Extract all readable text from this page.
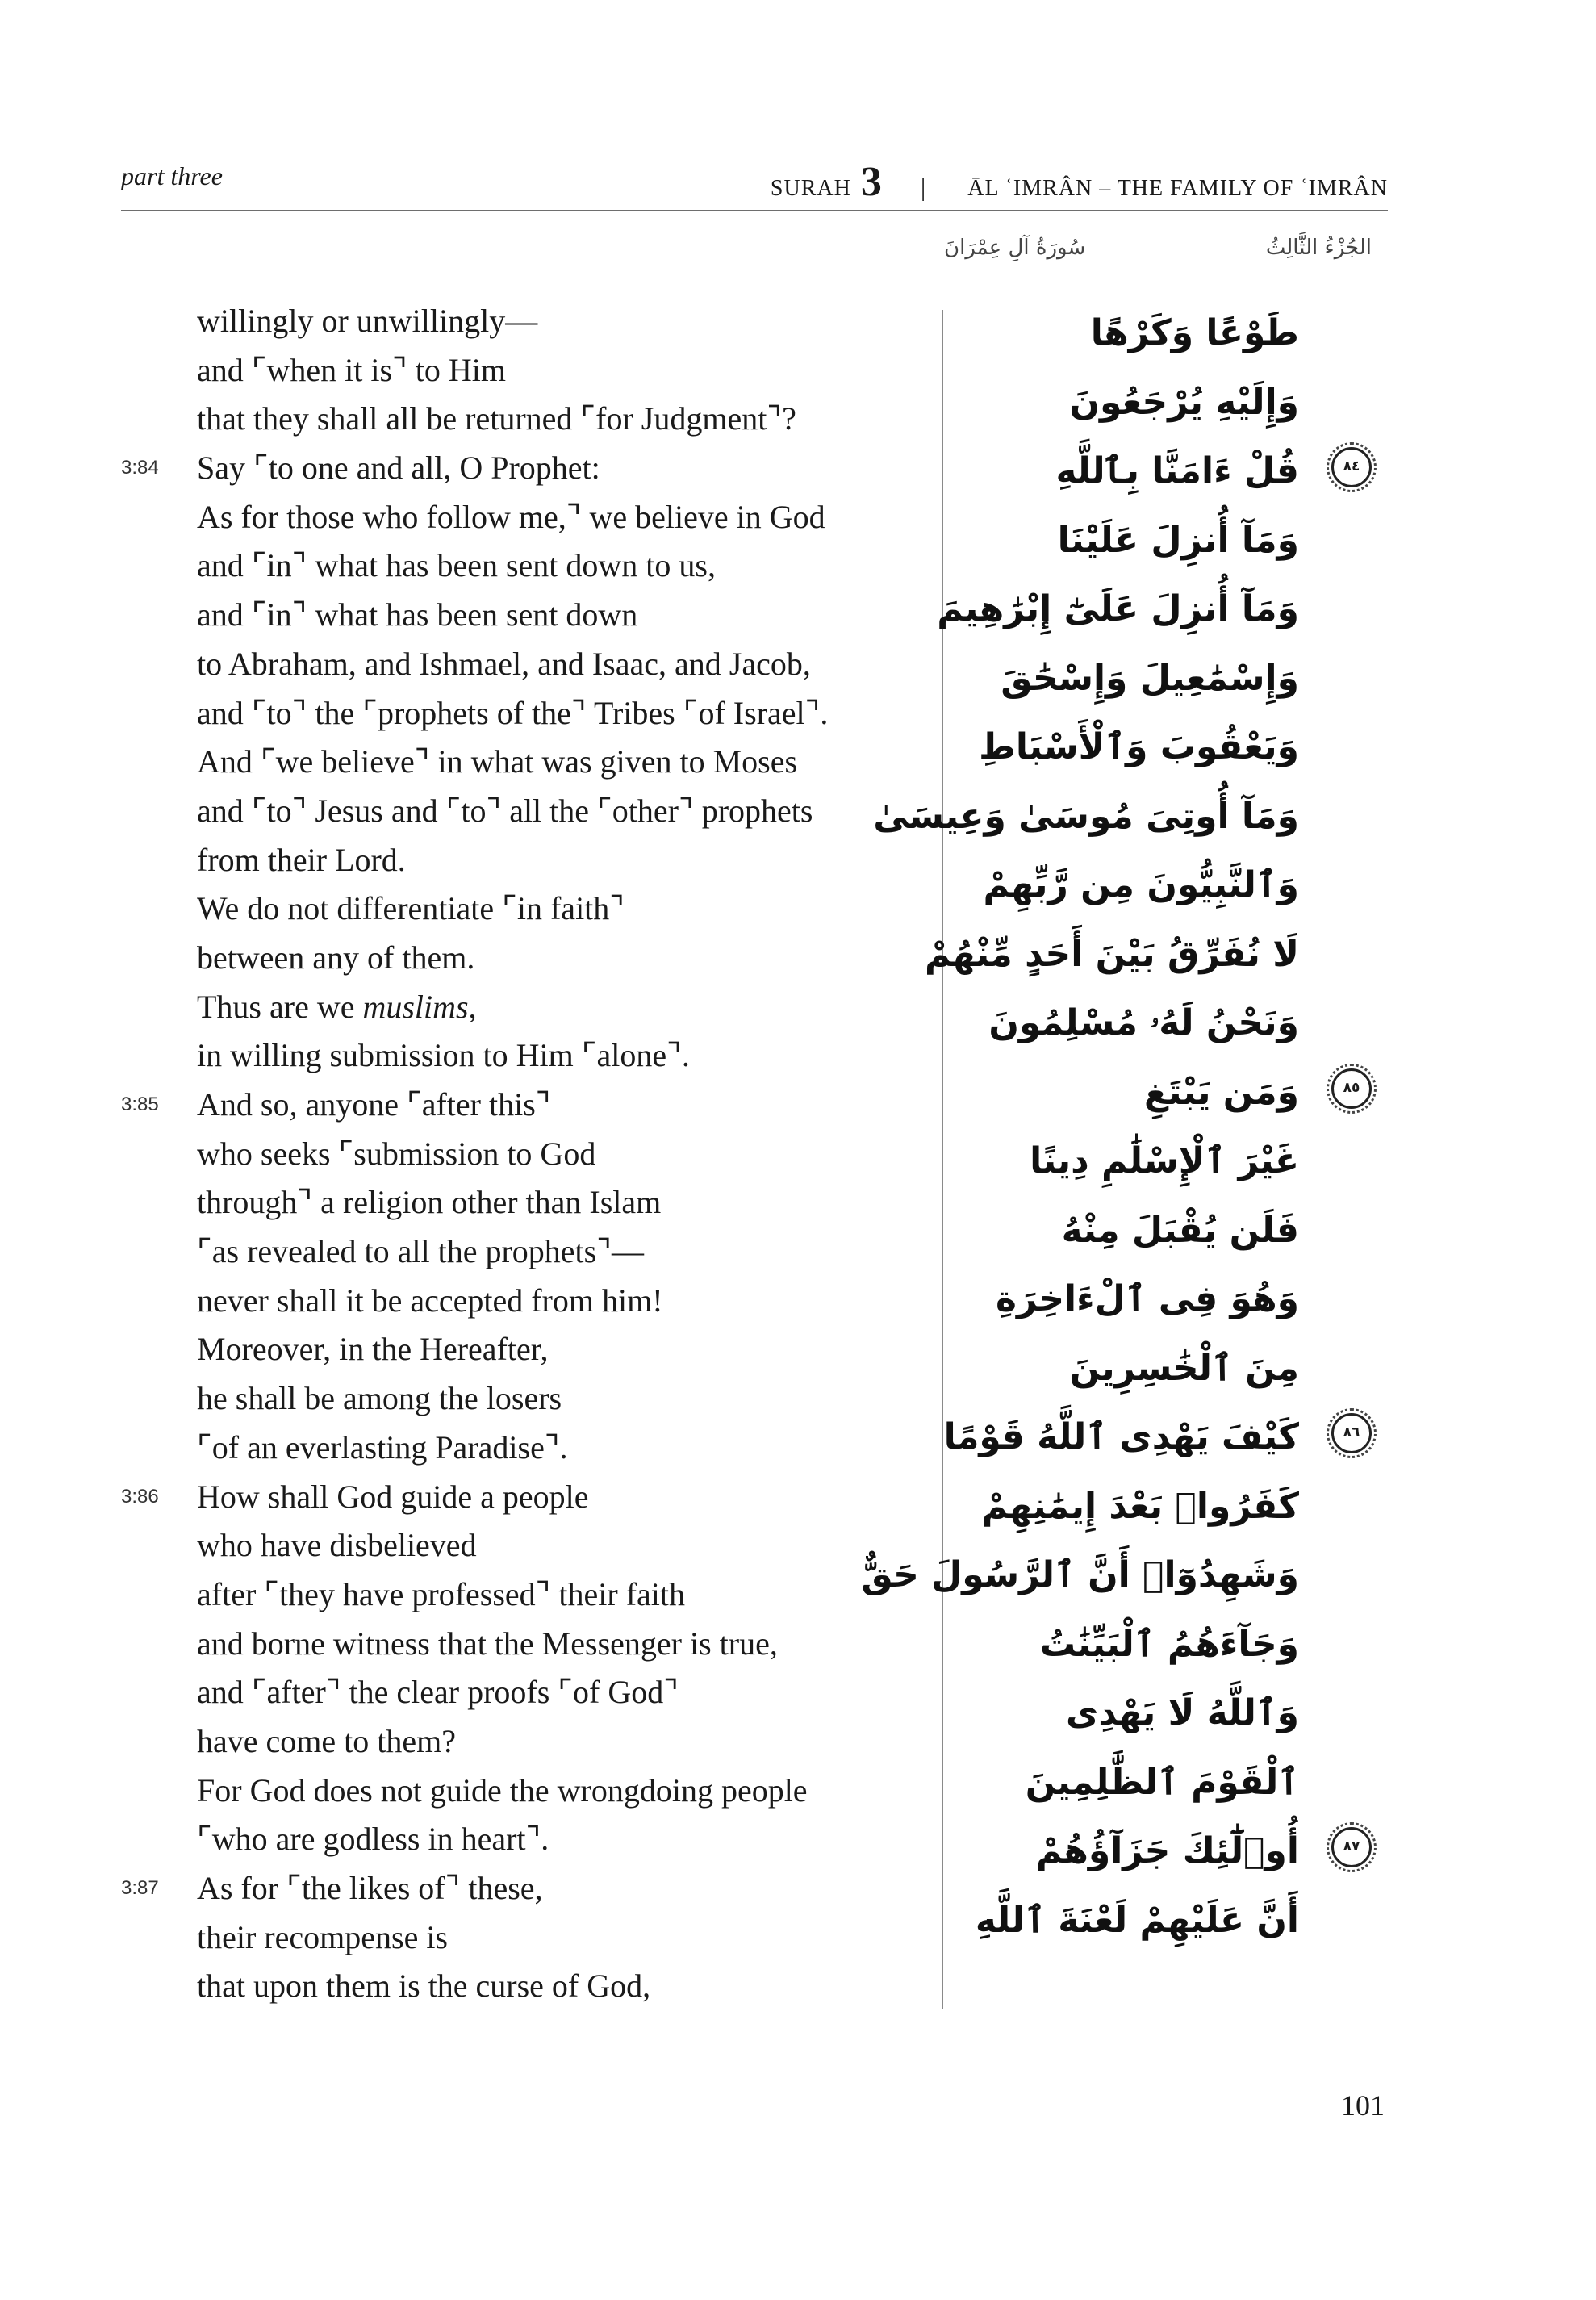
part three	SURAH 3 | ĀL ʿIMRÂN – THE FAMILY OF ʿIMRÂN
سُورَةُ آلِ عِمْرَانَ	الجُزْءُ الثَّالِثُ
willingly or unwillingly—
and ⌜when it is⌝ to Him
that they shall all be returned ⌜for Judgment⌝?
3:84 Say ⌜to one and all, O Prophet:
As for those who follow me,⌝ we believe in God
and ⌜in⌝ what has been sent down to us,
and ⌜in⌝ what has been sent down
to Abraham, and Ishmael, and Isaac, and Jacob,
and ⌜to⌝ the ⌜prophets of the⌝ Tribes ⌜of Israel⌝.
And ⌜we believe⌝ in what was given to Moses
and ⌜to⌝ Jesus and ⌜to⌝ all the ⌜other⌝ prophets
from their Lord.
We do not differentiate ⌜in faith⌝
between any of them.
Thus are we muslims,
in willing submission to Him ⌜alone⌝.
3:85 And so, anyone ⌜after this⌝
who seeks ⌜submission to God
through⌝ a religion other than Islam
⌜as revealed to all the prophets⌝—
never shall it be accepted from him!
Moreover, in the Hereafter,
he shall be among the losers
⌜of an everlasting Paradise⌝.
3:86 How shall God guide a people
who have disbelieved
after ⌜they have professed⌝ their faith
and borne witness that the Messenger is true,
and ⌜after⌝ the clear proofs ⌜of God⌝
have come to them?
For God does not guide the wrongdoing people
⌜who are godless in heart⌝.
3:87 As for ⌜the likes of⌝ these,
their recompense is
that upon them is the curse of God,
طَوْعًا وَكَرْهًا
وَإِلَيْهِ يُرْجَعُونَ
قُلْ ءَامَنَّا بِٱللَّهِ	٨٤
وَمَآ أُنزِلَ عَلَيْنَا
وَمَآ أُنزِلَ عَلَىٰٓ إِبْرَٰهِيمَ
وَإِسْمَٰعِيلَ وَإِسْحَٰقَ
وَيَعْقُوبَ وَٱلْأَسْبَاطِ
وَمَآ أُوتِىَ مُوسَىٰ وَعِيسَىٰ
وَٱلنَّبِيُّونَ مِن رَّبِّهِمْ
لَا نُفَرِّقُ بَيْنَ أَحَدٍ مِّنْهُمْ
وَنَحْنُ لَهُۥ مُسْلِمُونَ
وَمَن يَبْتَغِ	٨٥
غَيْرَ ٱلْإِسْلَٰمِ دِينًا
فَلَن يُقْبَلَ مِنْهُ
وَهُوَ فِى ٱلْءَاخِرَةِ
مِنَ ٱلْخَٰسِرِينَ
كَيْفَ يَهْدِى ٱللَّهُ قَوْمًا	٨٦
كَفَرُوا۟ بَعْدَ إِيمَٰنِهِمْ
وَشَهِدُوٓا۟ أَنَّ ٱلرَّسُولَ حَقٌّ
وَجَآءَهُمُ ٱلْبَيِّنَٰتُ
وَٱللَّهُ لَا يَهْدِى
ٱلْقَوْمَ ٱلظَّٰلِمِينَ
أُو۟لَٰٓئِكَ جَزَآؤُهُمْ	٨٧
أَنَّ عَلَيْهِمْ لَعْنَةَ ٱللَّهِ
101
